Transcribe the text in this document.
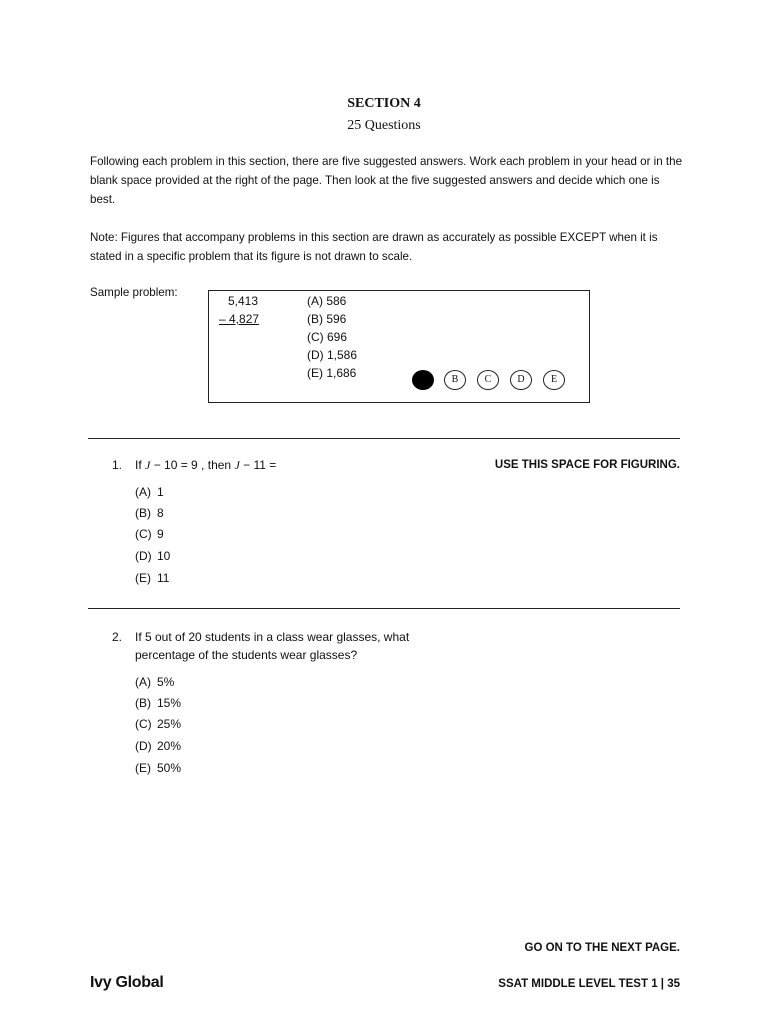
SECTION 4
25 Questions
Following each problem in this section, there are five suggested answers. Work each problem in your head or in the blank space provided at the right of the page. Then look at the five suggested answers and decide which one is best.
Note: Figures that accompany problems in this section are drawn as accurately as possible EXCEPT when it is stated in a specific problem that its figure is not drawn to scale.
Sample problem:
5,413
– 4,827
(A) 586
(B) 596
(C) 696
(D) 1,586
(E) 1,686	B	C	D	E
1. If J − 10 = 9 , then J − 11 =	USE THIS SPACE FOR FIGURING.
(A) 1
(B) 8
(C) 9
(D) 10
(E) 11
2. If 5 out of 20 students in a class wear glasses, what
percentage of the students wear glasses?
(A) 5%
(B) 15%
(C) 25%
(D) 20%
(E) 50%
GO ON TO THE NEXT PAGE.
Ivy Global	SSAT MIDDLE LEVEL TEST 1 | 35
